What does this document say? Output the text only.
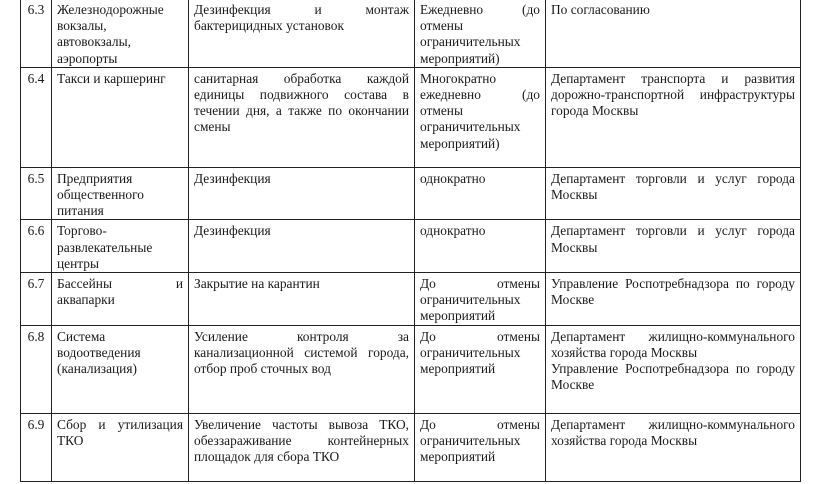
6.3	Железнодорожные вокзалы, автовокзалы, аэропорты	Дезинфекция и монтаж бактерицидных установок	Ежедневно (до отмены ограничительных мероприятий)	По согласованию

6.4	Такси и каршеринг	санитарная обработка каждой единицы подвижного состава в течении дня, а также по окончании смены	Многократно ежедневно (до отмены ограничительных мероприятий)	Департамент транспорта и развития дорожно-транспортной инфраструктуры города Москвы

6.5	Предприятия общественного питания	Дезинфекция	однократно	Департамент торговли и услуг города Москвы

6.6	Торгово-развлекательные центры	Дезинфекция	однократно	Департамент торговли и услуг города Москвы

6.7	Бассейны и аквапарки	Закрытие на карантин	До отмены ограничительных мероприятий	Управление Роспотребнадзора по городу Москве

6.8	Система водоотведения (канализация)	Усиление контроля за канализационной системой города, отбор проб сточных вод	До отмены ограничительных мероприятий	Департамент жилищно-коммунального хозяйства города Москвы
Управление Роспотребнадзора по городу Москве

6.9	Сбор и утилизация ТКО	Увеличение частоты вывоза ТКО, обеззараживание контейнерных площадок для сбора ТКО	До отмены ограничительных мероприятий	Департамент жилищно-коммунального хозяйства города Москвы
